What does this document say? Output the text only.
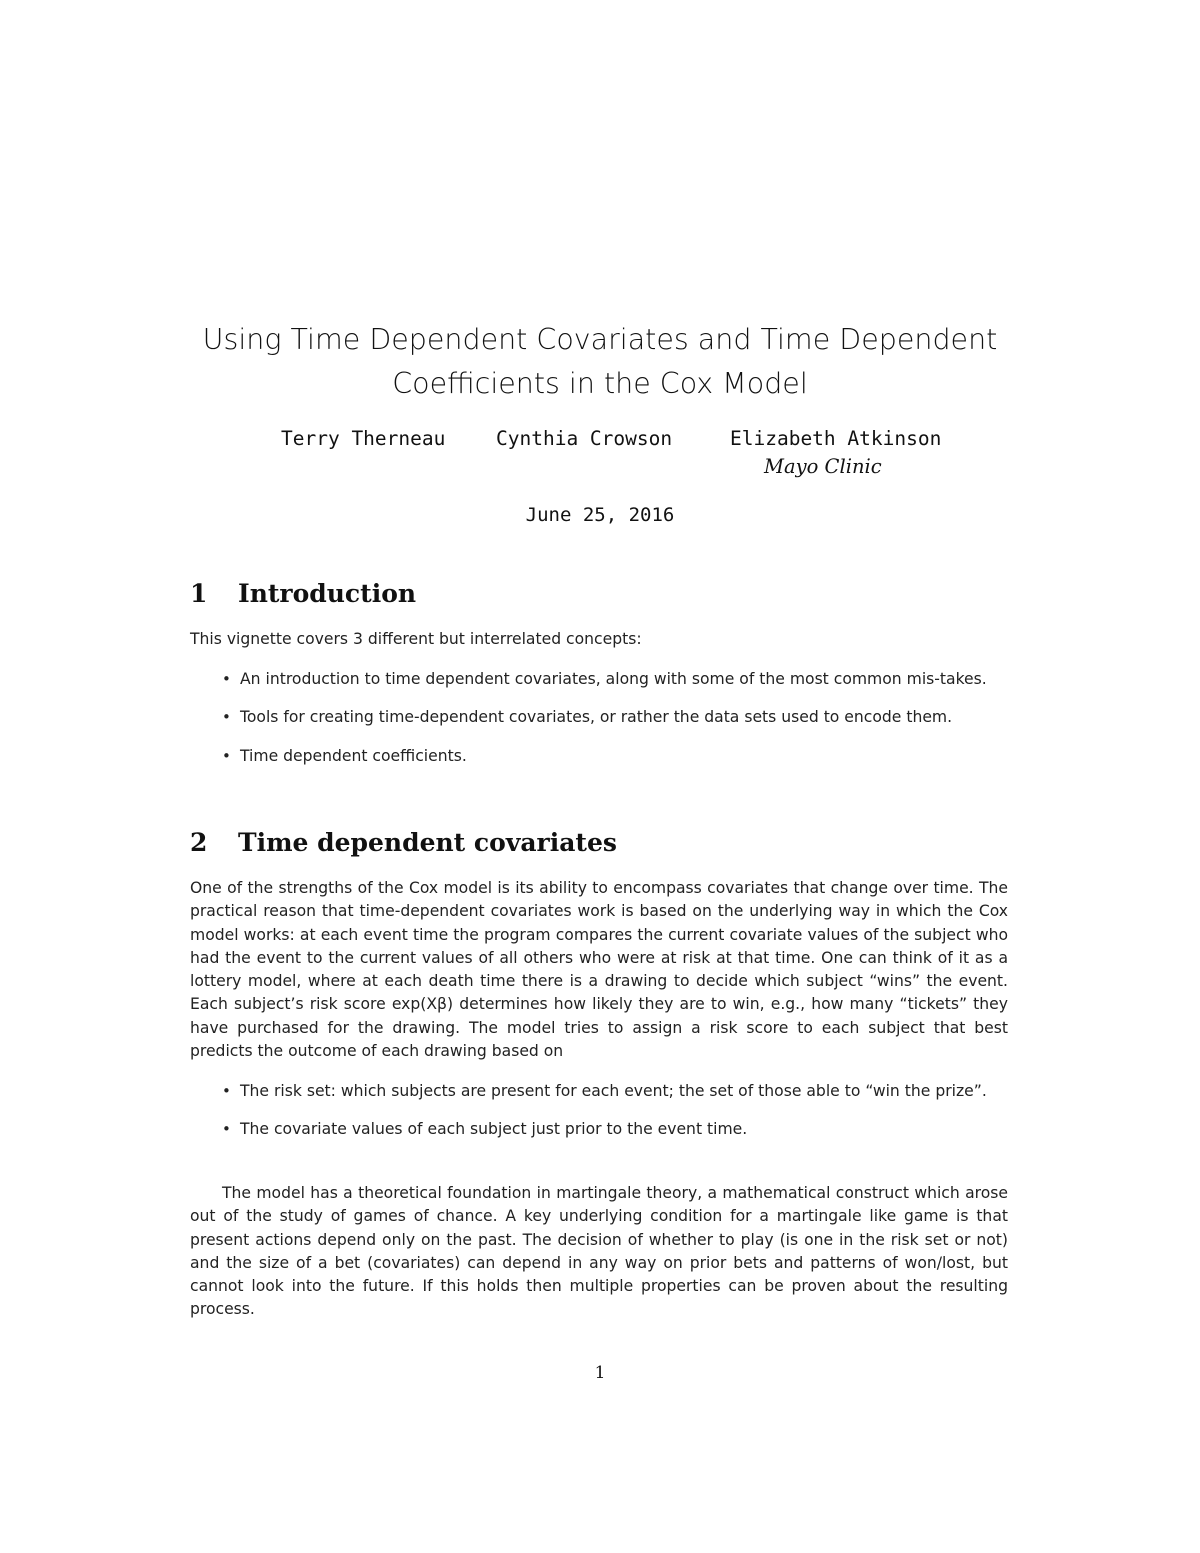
Using Time Dependent Covariates and Time Dependent
Coefficients in the Cox Model
Terry Therneau	Cynthia Crowson	Elizabeth Atkinson
Mayo Clinic
June 25, 2016
1 Introduction
This vignette covers 3 different but interrelated concepts:
• An introduction to time dependent covariates, along with some of the most common mis-takes.
• Tools for creating time-dependent covariates, or rather the data sets used to encode them.
• Time dependent coefficients.
2 Time dependent covariates
One of the strengths of the Cox model is its ability to encompass covariates that change over time. The practical reason that time-dependent covariates work is based on the underlying way in which the Cox model works: at each event time the program compares the current covariate values of the subject who had the event to the current values of all others who were at risk at that time. One can think of it as a lottery model, where at each death time there is a drawing to decide which subject “wins” the event. Each subject’s risk score exp(Xβ) determines how likely they are to win, e.g., how many “tickets” they have purchased for the drawing. The model tries to assign a risk score to each subject that best predicts the outcome of each drawing based on
• The risk set: which subjects are present for each event; the set of those able to “win the prize”.
• The covariate values of each subject just prior to the event time.
The model has a theoretical foundation in martingale theory, a mathematical construct which arose out of the study of games of chance. A key underlying condition for a martingale like game is that present actions depend only on the past. The decision of whether to play (is one in the risk set or not) and the size of a bet (covariates) can depend in any way on prior bets and patterns of won/lost, but cannot look into the future. If this holds then multiple properties can be proven about the resulting process.
1
